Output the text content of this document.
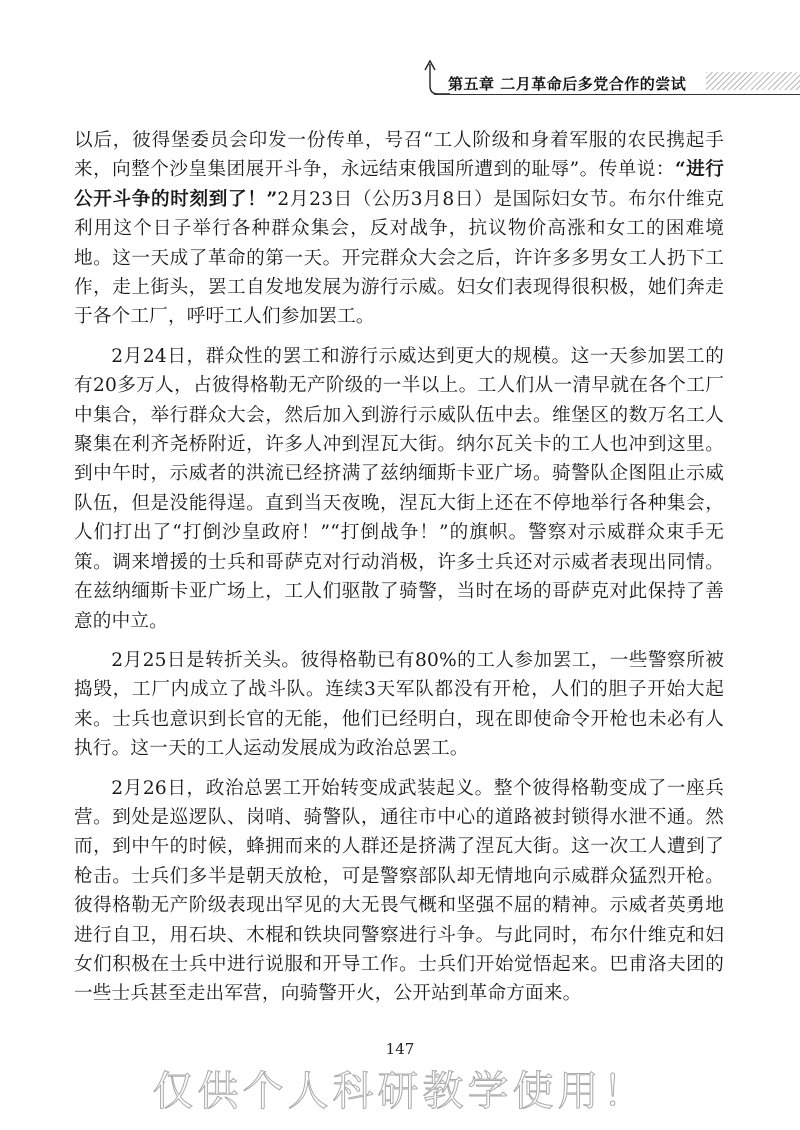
第五章 二月革命后多党合作的尝试

以后，彼得堡委员会印发一份传单，号召“工人阶级和身着军服的农民携起手来，向整个沙皇集团展开斗争，永远结束俄国所遭到的耻辱”。传单说：“进行公开斗争的时刻到了！”2月23日（公历3月8日）是国际妇女节。布尔什维克利用这个日子举行各种群众集会，反对战争，抗议物价高涨和女工的困难境地。这一天成了革命的第一天。开完群众大会之后，许许多多男女工人扔下工作，走上街头，罢工自发地发展为游行示威。妇女们表现得很积极，她们奔走于各个工厂，呼吁工人们参加罢工。

2月24日，群众性的罢工和游行示威达到更大的规模。这一天参加罢工的有20多万人，占彼得格勒无产阶级的一半以上。工人们从一清早就在各个工厂中集合，举行群众大会，然后加入到游行示威队伍中去。维堡区的数万名工人聚集在利齐尧桥附近，许多人冲到涅瓦大街。纳尔瓦关卡的工人也冲到这里。到中午时，示威者的洪流已经挤满了兹纳缅斯卡亚广场。骑警队企图阻止示威队伍，但是没能得逞。直到当天夜晚，涅瓦大街上还在不停地举行各种集会，人们打出了“打倒沙皇政府！”“打倒战争！”的旗帜。警察对示威群众束手无策。调来增援的士兵和哥萨克对行动消极，许多士兵还对示威者表现出同情。在兹纳缅斯卡亚广场上，工人们驱散了骑警，当时在场的哥萨克对此保持了善意的中立。

2月25日是转折关头。彼得格勒已有80%的工人参加罢工，一些警察所被捣毁，工厂内成立了战斗队。连续3天军队都没有开枪，人们的胆子开始大起来。士兵也意识到长官的无能，他们已经明白，现在即使命令开枪也未必有人执行。这一天的工人运动发展成为政治总罢工。

2月26日，政治总罢工开始转变成武装起义。整个彼得格勒变成了一座兵营。到处是巡逻队、岗哨、骑警队，通往市中心的道路被封锁得水泄不通。然而，到中午的时候，蜂拥而来的人群还是挤满了涅瓦大街。这一次工人遭到了枪击。士兵们多半是朝天放枪，可是警察部队却无情地向示威群众猛烈开枪。彼得格勒无产阶级表现出罕见的大无畏气概和坚强不屈的精神。示威者英勇地进行自卫，用石块、木棍和铁块同警察进行斗争。与此同时，布尔什维克和妇女们积极在士兵中进行说服和开导工作。士兵们开始觉悟起来。巴甫洛夫团的一些士兵甚至走出军营，向骑警开火，公开站到革命方面来。

147
仅供个人科研教学使用！
